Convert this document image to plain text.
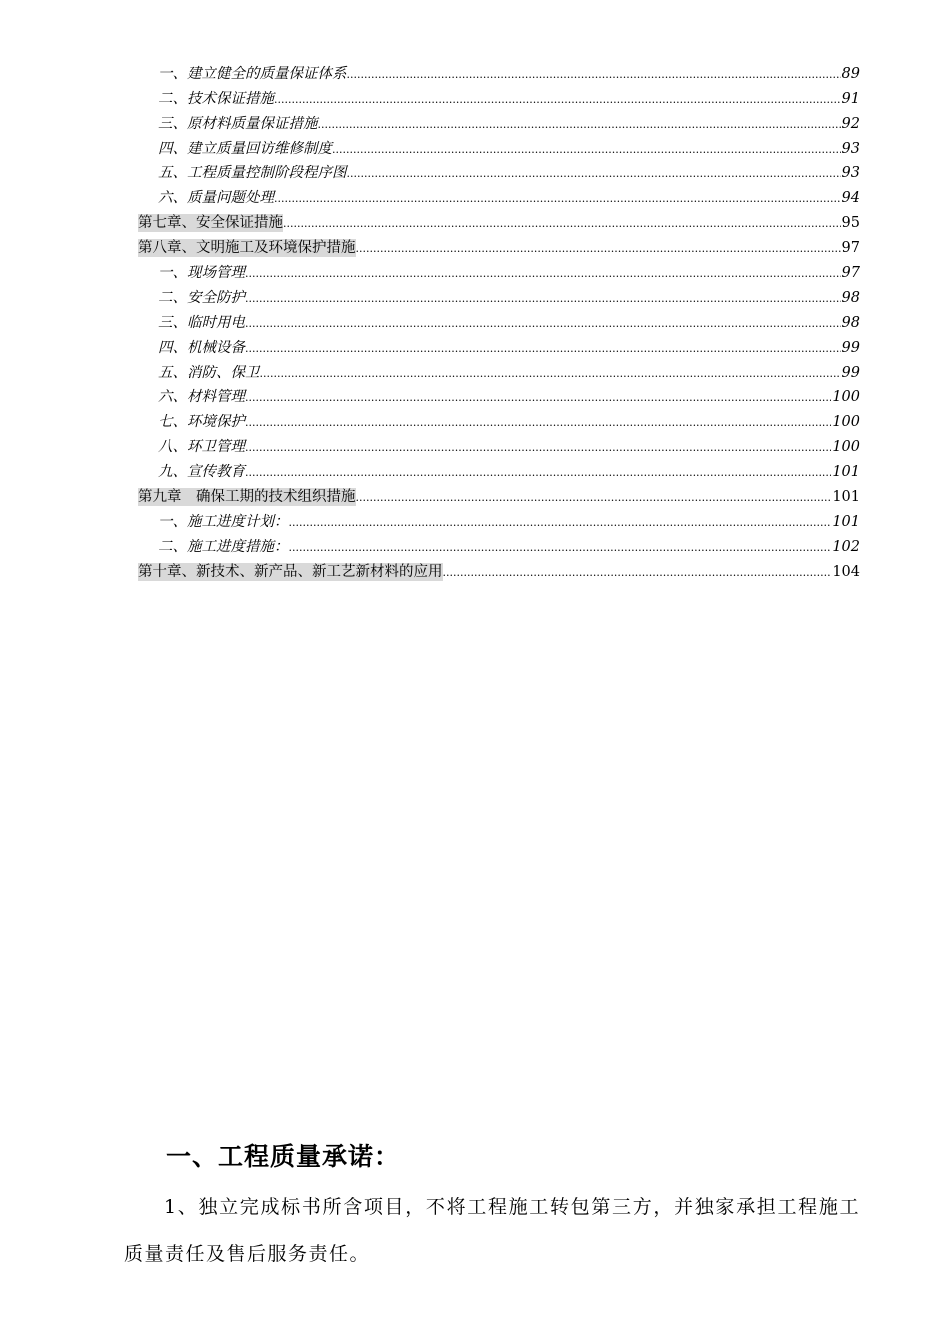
一、建立健全的质量保证体系 .....	89
二、技术保证措施 .....	91
三、原材料质量保证措施 .....	92
四、建立质量回访维修制度 .....	93
五、工程质量控制阶段程序图 .....	93
六、质量问题处理 .....	94
第七章、安全保证措施 .....	95
第八章、文明施工及环境保护措施 .....	97
一、现场管理 .....	97
二、安全防护 .....	98
三、临时用电 .....	98
四、机械设备 .....	99
五、消防、保卫 .....	99
六、材料管理 .....	100
七、环境保护 .....	100
八、环卫管理 .....	100
九、宣传教育 .....	101
第九章　确保工期的技术组织措施 .....	101
一、施工进度计划： .....	101
二、施工进度措施： .....	102
第十章、新技术、新产品、新工艺新材料的应用 .....	104
一、工程质量承诺：
1、独立完成标书所含项目，不将工程施工转包第三方，并独家承担工程施工质量责任及售后服务责任。
